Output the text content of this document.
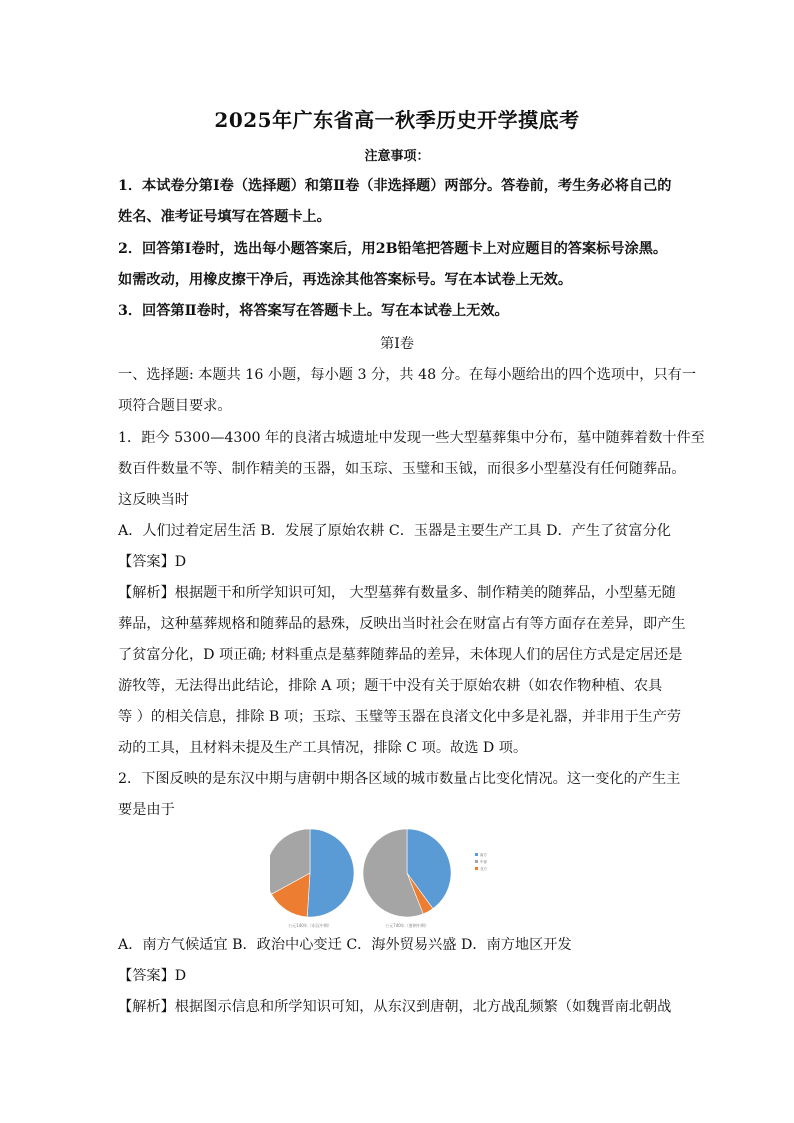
2025年广东省高一秋季历史开学摸底考
注意事项：
1．本试卷分第Ⅰ卷（选择题）和第Ⅱ卷（非选择题）两部分。答卷前，考生务必将自己的
姓名、准考证号填写在答题卡上。
2．回答第Ⅰ卷时，选出每小题答案后，用2B铅笔把答题卡上对应题目的答案标号涂黑。
如需改动，用橡皮擦干净后，再选涂其他答案标号。写在本试卷上无效。
3．回答第Ⅱ卷时，将答案写在答题卡上。写在本试卷上无效。
第Ⅰ卷
一、选择题: 本题共 16 小题，每小题 3 分，共 48 分。在每小题给出的四个选项中，只有一
项符合题目要求。
1．距今 5300—4300 年的良渚古城遗址中发现一些大型墓葬集中分布，墓中随葬着数十件至
数百件数量不等、制作精美的玉器，如玉琮、玉璧和玉钺，而很多小型墓没有任何随葬品。
这反映当时
A．人们过着定居生活 B．发展了原始农耕 C．玉器是主要生产工具 D．产生了贫富分化
【答案】D
【解析】根据题干和所学知识可知， 大型墓葬有数量多、制作精美的随葬品，小型墓无随
葬品，这种墓葬规格和随葬品的悬殊，反映出当时社会在财富占有等方面存在差异，即产生
了贫富分化，D 项正确; 材料重点是墓葬随葬品的差异，未体现人们的居住方式是定居还是
游牧等，无法得出此结论，排除 A 项；题干中没有关于原始农耕（如农作物种植、农具
等 ）的相关信息，排除 B 项；玉琮、玉璧等玉器在良渚文化中多是礼器，并非用于生产劳
动的工具，且材料未提及生产工具情况，排除 C 项。故选 D 项。
2．下图反映的是东汉中期与唐朝中期各区域的城市数量占比变化情况。这一变化的产生主
要是由于
公元140年（东汉中期）	公元740年（唐朝中期）
南方
中部
北方
A．南方气候适宜 B．政治中心变迁 C．海外贸易兴盛 D．南方地区开发
【答案】D
【解析】根据图示信息和所学知识可知，从东汉到唐朝，北方战乱频繁（如魏晋南北朝战
